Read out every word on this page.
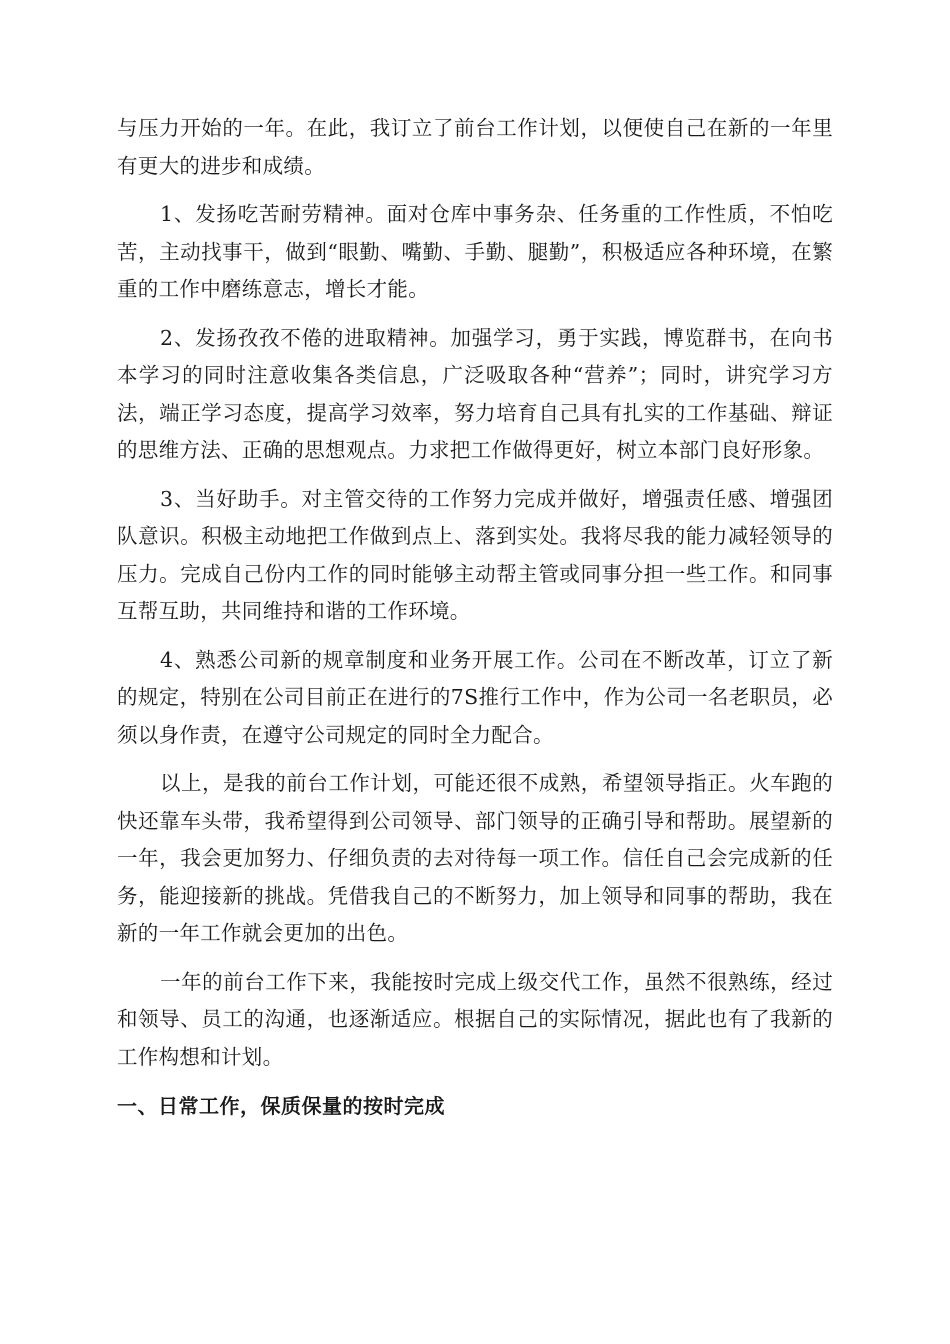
与压力开始的一年。在此，我订立了前台工作计划，以便使自己在新的一年里有更大的进步和成绩。

1、发扬吃苦耐劳精神。面对仓库中事务杂、任务重的工作性质，不怕吃苦，主动找事干，做到“眼勤、嘴勤、手勤、腿勤”，积极适应各种环境，在繁重的工作中磨练意志，增长才能。

2、发扬孜孜不倦的进取精神。加强学习，勇于实践，博览群书，在向书本学习的同时注意收集各类信息，广泛吸取各种“营养”；同时，讲究学习方法，端正学习态度，提高学习效率，努力培育自己具有扎实的工作基础、辩证的思维方法、正确的思想观点。力求把工作做得更好，树立本部门良好形象。

3、当好助手。对主管交待的工作努力完成并做好，增强责任感、增强团队意识。积极主动地把工作做到点上、落到实处。我将尽我的能力减轻领导的压力。完成自己份内工作的同时能够主动帮主管或同事分担一些工作。和同事互帮互助，共同维持和谐的工作环境。

4、熟悉公司新的规章制度和业务开展工作。公司在不断改革，订立了新的规定，特别在公司目前正在进行的7S推行工作中，作为公司一名老职员，必须以身作责，在遵守公司规定的同时全力配合。

以上，是我的前台工作计划，可能还很不成熟，希望领导指正。火车跑的快还靠车头带，我希望得到公司领导、部门领导的正确引导和帮助。展望新的一年，我会更加努力、仔细负责的去对待每一项工作。信任自己会完成新的任务，能迎接新的挑战。凭借我自己的不断努力，加上领导和同事的帮助，我在新的一年工作就会更加的出色。

一年的前台工作下来，我能按时完成上级交代工作，虽然不很熟练，经过和领导、员工的沟通，也逐渐适应。根据自己的实际情况，据此也有了我新的工作构想和计划。

一、日常工作，保质保量的按时完成
